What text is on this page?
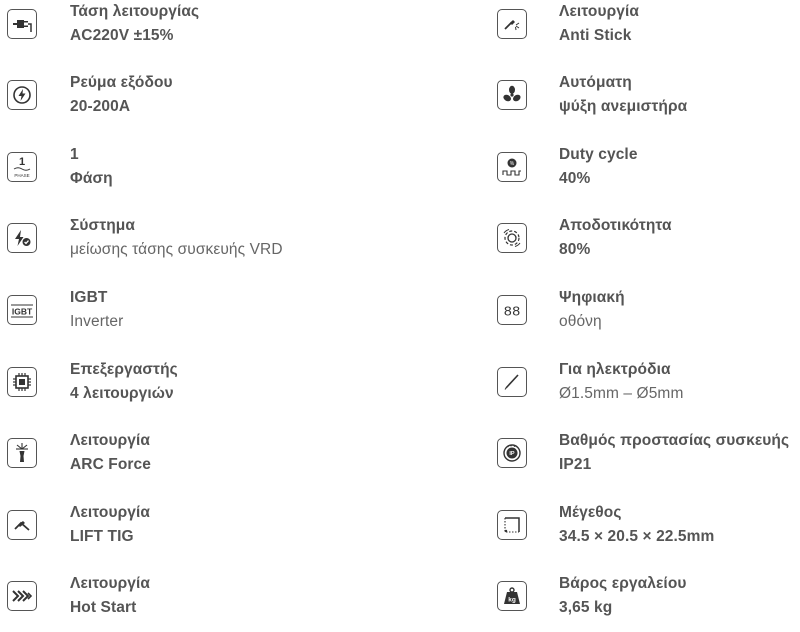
Τάση λειτουργίας
AC220V ±15%
Ρεύμα εξόδου
20-200A
1
PHASE
1
Φάση
Σύστημα
μείωσης τάσης συσκευής VRD
IGBT
IGBT
Inverter
Επεξεργαστής
4 λειτουργιών
Λειτουργία
ARC Force
Λειτουργία
LIFT TIG
Λειτουργία
Hot Start
Λειτουργία
Anti Stick
Αυτόματη
ψύξη ανεμιστήρα
%
Duty cycle
40%
Αποδοτικότητα
80%
88
Ψηφιακή
οθόνη
Για ηλεκτρόδια
Ø1.5mm – Ø5mm
IP
Βαθμός προστασίας συσκευής
IP21
Μέγεθος
34.5 × 20.5 × 22.5mm
kg
Βάρος εργαλείου
3,65 kg
